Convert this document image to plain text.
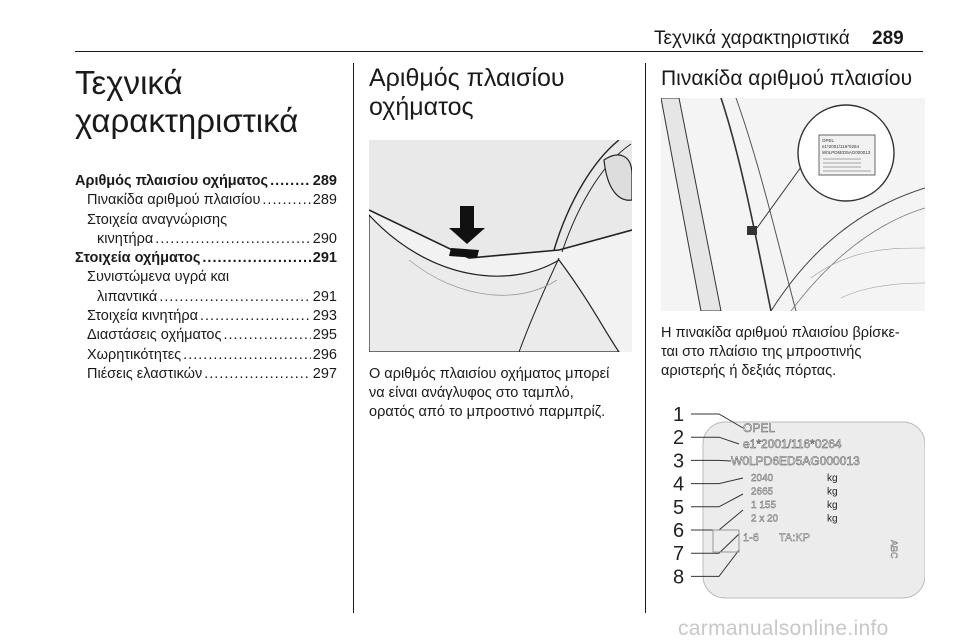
Τεχνικά χαρακτηριστικά 289
Τεχνικά
χαρακτηριστικά
Αριθμός πλαισίου οχήματος .....	289
Πινακίδα αριθμού πλαισίου .....	289
Στοιχεία αναγνώρισης
κινητήρα .....	290
Στοιχεία οχήματος .....	291
Συνιστώμενα υγρά και
λιπαντικά .....	291
Στοιχεία κινητήρα .....	293
Διαστάσεις οχήματος .....	295
Χωρητικότητες .....	296
Πιέσεις ελαστικών .....	297
Αριθμός πλαισίου
οχήματος

Ο αριθμός πλαισίου οχήματος μπορεί
να είναι ανάγλυφος στο ταμπλό,
ορατός από το μπροστινό παρμπρίζ.

Πινακίδα αριθμού πλαισίου
OPEL
e1*2001/116*0264
W0LPD6ED5AG000013

Η πινακίδα αριθμού πλαισίου βρίσκε-
ται στο πλαίσιο της μπροστινής
αριστερής ή δεξιάς πόρτας.

1
2
3
4
5
6
7
8
OPEL
e1*2001/116*0264
W0LPD6ED5AG000013
2040	kg
2665	kg
1 155	kg
2 x 20	kg
1-6 TA:KP
ABC
carmanualsonline.info
